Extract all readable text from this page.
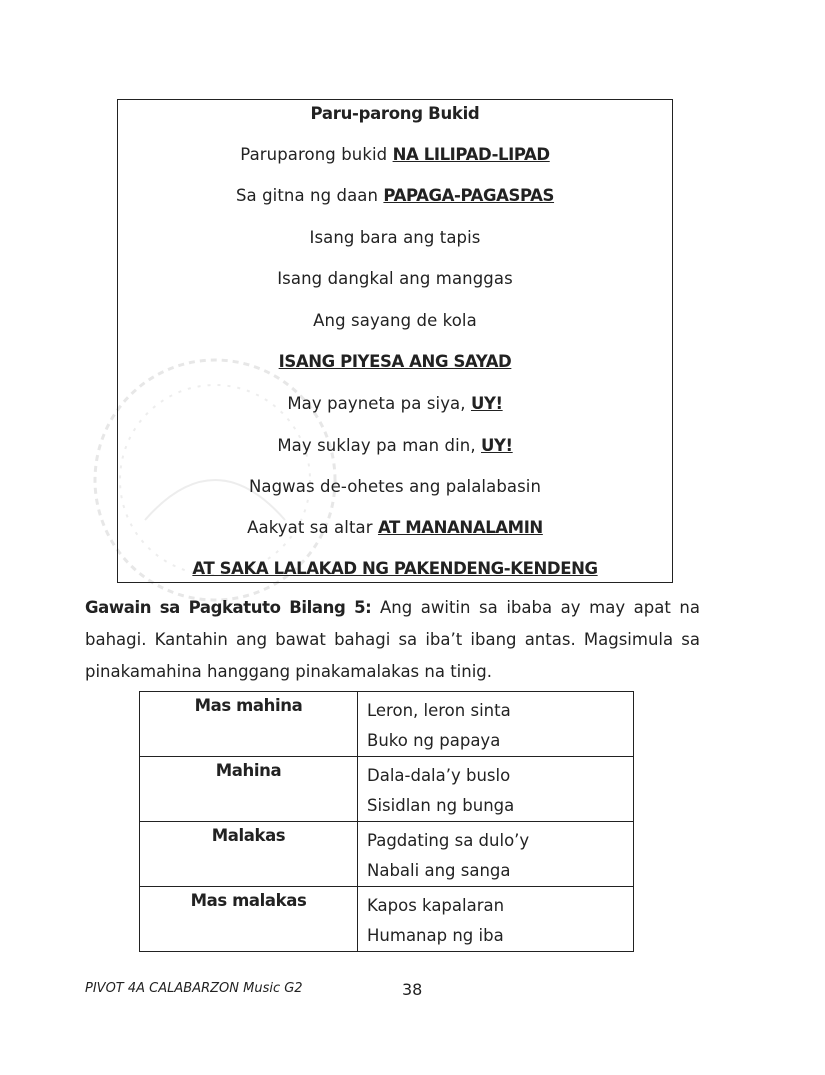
Paru-parong Bukid
Paruparong bukid NA LILIPAD-LIPAD
Sa gitna ng daan PAPAGA-PAGASPAS
Isang bara ang tapis
Isang dangkal ang manggas
Ang sayang de kola
ISANG PIYESA ANG SAYAD
May payneta pa siya, UY!
May suklay pa man din, UY!
Nagwas de-ohetes ang palalabasin
Aakyat sa altar AT MANANALAMIN
AT SAKA LALAKAD NG PAKENDENG-KENDENG
Gawain sa Pagkatuto Bilang 5: Ang awitin sa ibaba ay may apat na bahagi. Kantahin ang bawat bahagi sa iba’t ibang antas. Magsimula sa pinakamahina hanggang pinakamalakas na tinig.
Mas mahina	Leron, leron sinta
Buko ng papaya

Mahina	Dala-dala’y buslo
Sisidlan ng bunga

Malakas	Pagdating sa dulo’y
Nabali ang sanga

Mas malakas	Kapos kapalaran
Humanap ng iba
PIVOT 4A CALABARZON Music G2	38
